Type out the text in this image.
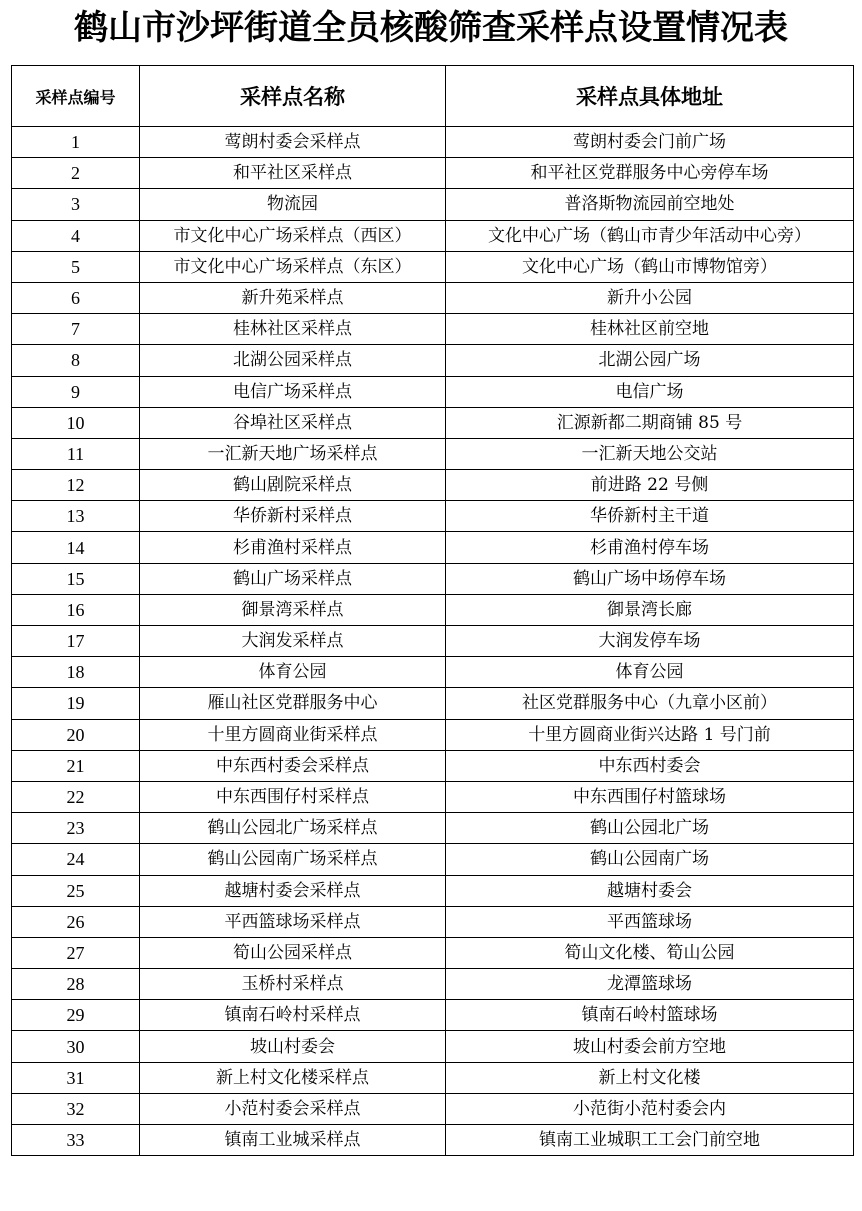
鹤山市沙坪街道全员核酸筛查采样点设置情况表
采样点编号	采样点名称	采样点具体地址
1	莺朗村委会采样点	莺朗村委会门前广场
2	和平社区采样点	和平社区党群服务中心旁停车场
3	物流园	普洛斯物流园前空地处
4	市文化中心广场采样点（西区）	文化中心广场（鹤山市青少年活动中心旁）
5	市文化中心广场采样点（东区）	文化中心广场（鹤山市博物馆旁）
6	新升苑采样点	新升小公园
7	桂林社区采样点	桂林社区前空地
8	北湖公园采样点	北湖公园广场
9	电信广场采样点	电信广场
10	谷埠社区采样点	汇源新都二期商铺 85 号
11	一汇新天地广场采样点	一汇新天地公交站
12	鹤山剧院采样点	前进路 22 号侧
13	华侨新村采样点	华侨新村主干道
14	杉甫渔村采样点	杉甫渔村停车场
15	鹤山广场采样点	鹤山广场中场停车场
16	御景湾采样点	御景湾长廊
17	大润发采样点	大润发停车场
18	体育公园	体育公园
19	雁山社区党群服务中心	社区党群服务中心（九章小区前）
20	十里方圆商业街采样点	十里方圆商业街兴达路 1 号门前
21	中东西村委会采样点	中东西村委会
22	中东西围仔村采样点	中东西围仔村篮球场
23	鹤山公园北广场采样点	鹤山公园北广场
24	鹤山公园南广场采样点	鹤山公园南广场
25	越塘村委会采样点	越塘村委会
26	平西篮球场采样点	平西篮球场
27	筍山公园采样点	筍山文化楼、筍山公园
28	玉桥村采样点	龙潭篮球场
29	镇南石岭村采样点	镇南石岭村篮球场
30	坡山村委会	坡山村委会前方空地
31	新上村文化楼采样点	新上村文化楼
32	小范村委会采样点	小范街小范村委会内
33	镇南工业城采样点	镇南工业城职工工会门前空地
